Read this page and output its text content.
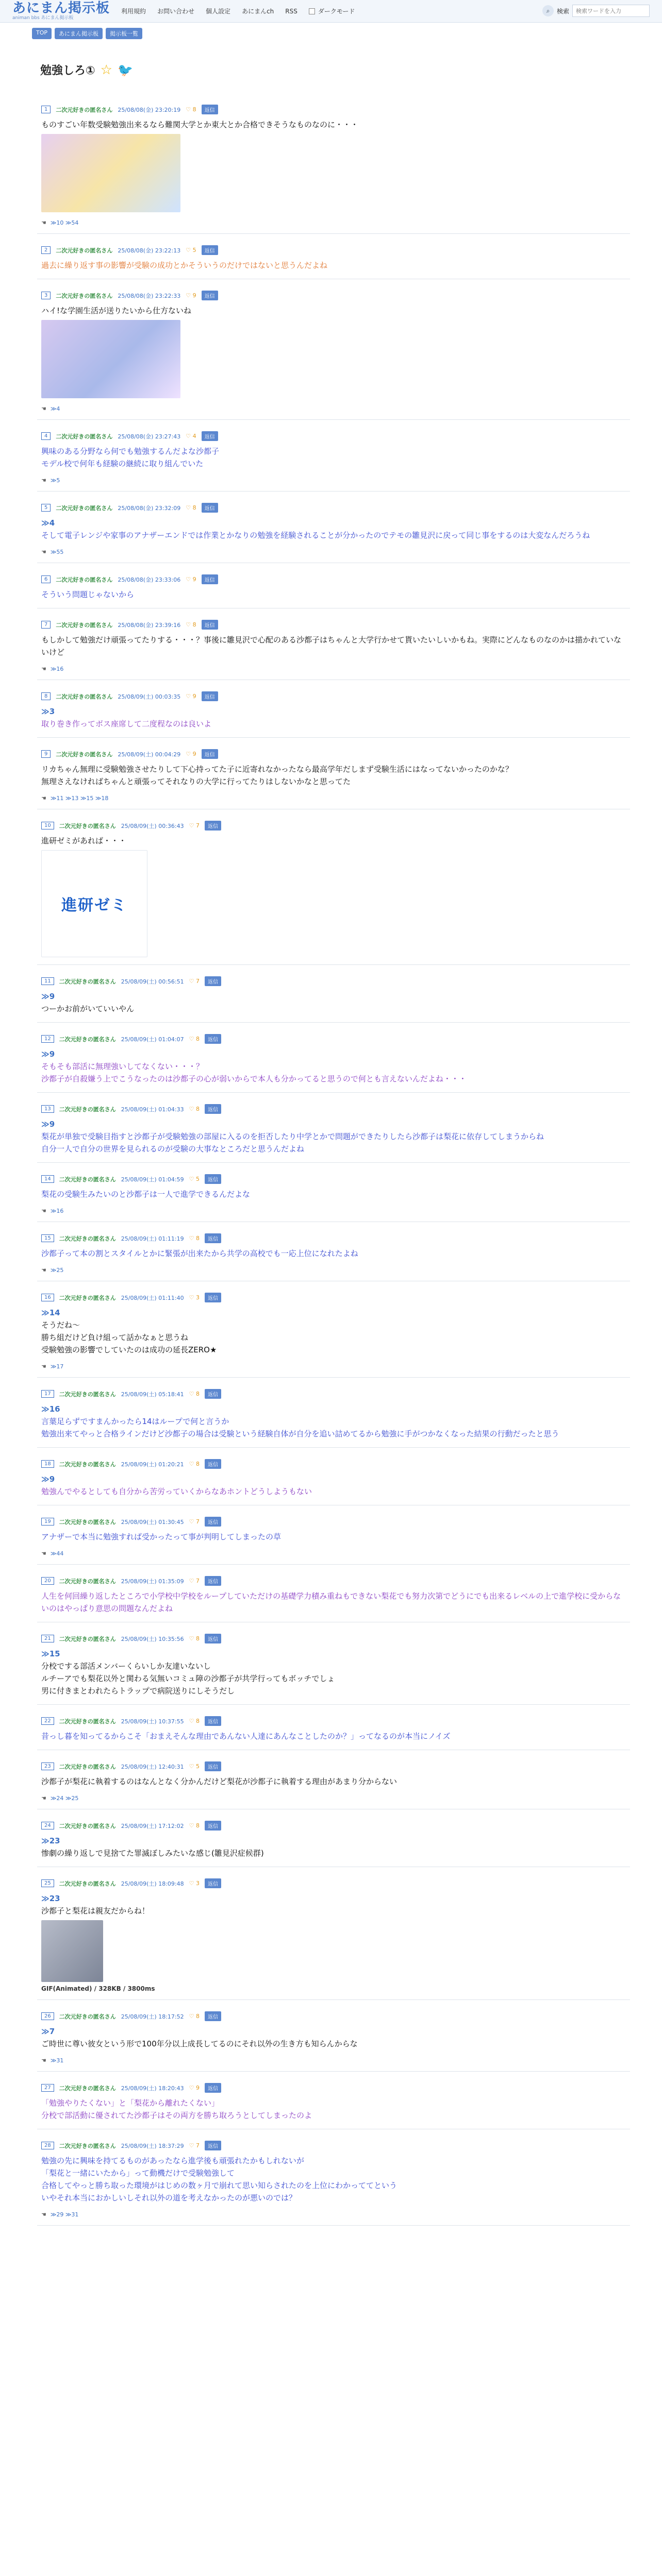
あにまん掲示板
animan bbs あにまん掲示板
利用規約 お問い合わせ 個人設定 あにまんch RSS	ダークモード	⌕	検索
検索ワードを入力
TOP	あにまん掲示板	掲示板一覧
勉強しろ① ☆ 🐦
1	二次元好きの匿名さん 25/08/08(金) 23:20:19 ♡ 8	返信
ものすごい年数受験勉強出来るなら難関大学とか東大とか合格できそうなものなのに・・・
☚ ≫10 ≫54
2	二次元好きの匿名さん 25/08/08(金) 23:22:13 ♡ 5	返信
過去に繰り返す事の影響が受験の成功とかそういうのだけではないと思うんだよね
3	二次元好きの匿名さん 25/08/08(金) 23:22:33 ♡ 9	返信
ハイ!な学園生活が送りたいから仕方ないね
☚ ≫4
4	二次元好きの匿名さん 25/08/08(金) 23:27:43 ♡ 4	返信
興味のある分野なら何でも勉強するんだよな沙都子
モデル校で何年も経験の継続に取り組んでいた
☚ ≫5
5	二次元好きの匿名さん 25/08/08(金) 23:32:09 ♡ 8	返信
≫4
そして電子レンジや家事のアナザーエンドでは作業とかなりの勉強を経験されることが分かったのでテモの雛見沢に戻って同じ事をするのは大変なんだろうね
☚ ≫55
6	二次元好きの匿名さん 25/08/08(金) 23:33:06 ♡ 9	返信
そういう問題じゃないから
7	二次元好きの匿名さん 25/08/08(金) 23:39:16 ♡ 8	返信
もしかして勉強だけ頑張ってたりする・・・？事後に雛見沢で心配のある沙都子はちゃんと大学行かせて貰いたいしいかもね。実際にどんなものなのかは描かれていないけど
☚ ≫16
8	二次元好きの匿名さん 25/08/09(土) 00:03:35 ♡ 9	返信
≫3
取り巻き作ってボス座席して二度程なのは良いよ
9	二次元好きの匿名さん 25/08/09(土) 00:04:29 ♡ 9	返信
リカちゃん無理に受験勉強させたりして下心持ってた子に近寄れなかったなら最高学年だしまず受験生活にはなってないかったのかな？
無理さえなければちゃんと頑張ってそれなりの大学に行ってたりはしないかなと思ってた
☚ ≫11 ≫13 ≫15 ≫18
10	二次元好きの匿名さん 25/08/09(土) 00:36:43 ♡ 7	返信
進研ゼミがあれば・・・
進研ゼミ
11	二次元好きの匿名さん 25/08/09(土) 00:56:51 ♡ 7	返信
≫9
つーかお前がいていいやん
12	二次元好きの匿名さん 25/08/09(土) 01:04:07 ♡ 8	返信
≫9
そもそも部活に無理強いしてなくない・・・？
沙都子が自殺嫌う上でこうなったのは沙都子の心が弱いからで本人も分かってると思うので何とも言えないんだよね・・・
13	二次元好きの匿名さん 25/08/09(土) 01:04:33 ♡ 8	返信
≫9
梨花が単独で受験目指すと沙都子が受験勉強の部屋に入るのを拒否したり中学とかで問題ができたりしたら沙都子は梨花に依存してしまうからね
自分一人で自分の世界を見られるのが受験の大事なところだと思うんだよね
14	二次元好きの匿名さん 25/08/09(土) 01:04:59 ♡ 5	返信
梨花の受験生みたいのと沙都子は一人で進学できるんだよな
☚ ≫16
15	二次元好きの匿名さん 25/08/09(土) 01:11:19 ♡ 8	返信
沙都子って本の割とスタイルとかに緊張が出来たから共学の高校でも一応上位になれたよね
☚ ≫25
16	二次元好きの匿名さん 25/08/09(土) 01:11:40 ♡ 3	返信
≫14
そうだね～
勝ち組だけど負け組って話かなぁと思うね
受験勉強の影響でしていたのは成功の延長ZERO★
☚ ≫17
17	二次元好きの匿名さん 25/08/09(土) 05:18:41 ♡ 8	返信
≫16
言葉足らずですまんかったら14はループで何と言うか
勉強出来てやっと合格ラインだけど沙都子の場合は受験という経験自体が自分を追い詰めてるから勉強に手がつかなくなった結果の行動だったと思う
18	二次元好きの匿名さん 25/08/09(土) 01:20:21 ♡ 8	返信
≫9
勉強んでやるとしても自分から苦労っていくからなあホントどうしようもない
19	二次元好きの匿名さん 25/08/09(土) 01:30:45 ♡ 7	返信
アナザーで本当に勉強すれば受かったって事が判明してしまったの草
☚ ≫44
20	二次元好きの匿名さん 25/08/09(土) 01:35:09 ♡ 7	返信
人生を何回繰り返したところで小学校中学校をループしていただけの基礎学力積み重ねもできない梨花でも努力次第でどうにでも出来るレベルの上で進学校に受からないのはやっぱり意思の問題なんだよね
21	二次元好きの匿名さん 25/08/09(土) 10:35:56 ♡ 8	返信
≫15
分校でする部活メンバーくらいしか友達いないし
ルチーアでも梨花以外と関わる気無いコミュ障の沙都子が共学行ってもボッチでしょ
男に付きまとわれたらトラップで病院送りにしそうだし
22	二次元好きの匿名さん 25/08/09(土) 10:37:55 ♡ 8	返信
昔っし暮を知ってるからこそ「おまえそんな理由であんない人達にあんなことしたのか？」ってなるのが本当にノイズ
23	二次元好きの匿名さん 25/08/09(土) 12:40:31 ♡ 5	返信
沙都子が梨花に執着するのはなんとなく分かんだけど梨花が沙都子に執着する理由があまり分からない
☚ ≫24 ≫25
24	二次元好きの匿名さん 25/08/09(土) 17:12:02 ♡ 8	返信
≫23
惨劇の繰り返しで見捨てた罪滅ぼしみたいな感じ(雛見沢症候群)
25	二次元好きの匿名さん 25/08/09(土) 18:09:48 ♡ 3	返信
≫23
沙都子と梨花は親友だからね！
GIF(Animated) / 328KB / 3800ms
26	二次元好きの匿名さん 25/08/09(土) 18:17:52 ♡ 8	返信
≫7
ご時世に尊い彼女という形で100年分以上成長してるのにそれ以外の生き方も知らんからな
☚ ≫31
27	二次元好きの匿名さん 25/08/09(土) 18:20:43 ♡ 9	返信
「勉強やりたくない」と「梨花から離れたくない」
分校で部活動に優されてた沙都子はその両方を勝ち取ろうとしてしまったのよ
28	二次元好きの匿名さん 25/08/09(土) 18:37:29 ♡ 7	返信
勉強の先に興味を持てるものがあったなら進学後も頑張れたかもしれないが
「梨花と一緒にいたから」って動機だけで受験勉強して
合格してやっと勝ち取った環境がはじめの数ヶ月で崩れて思い知らされたのを上位にわかっててという
いやそれ本当におかしいしそれ以外の道を考えなかったのが悪いのでは？
☚ ≫29 ≫31
